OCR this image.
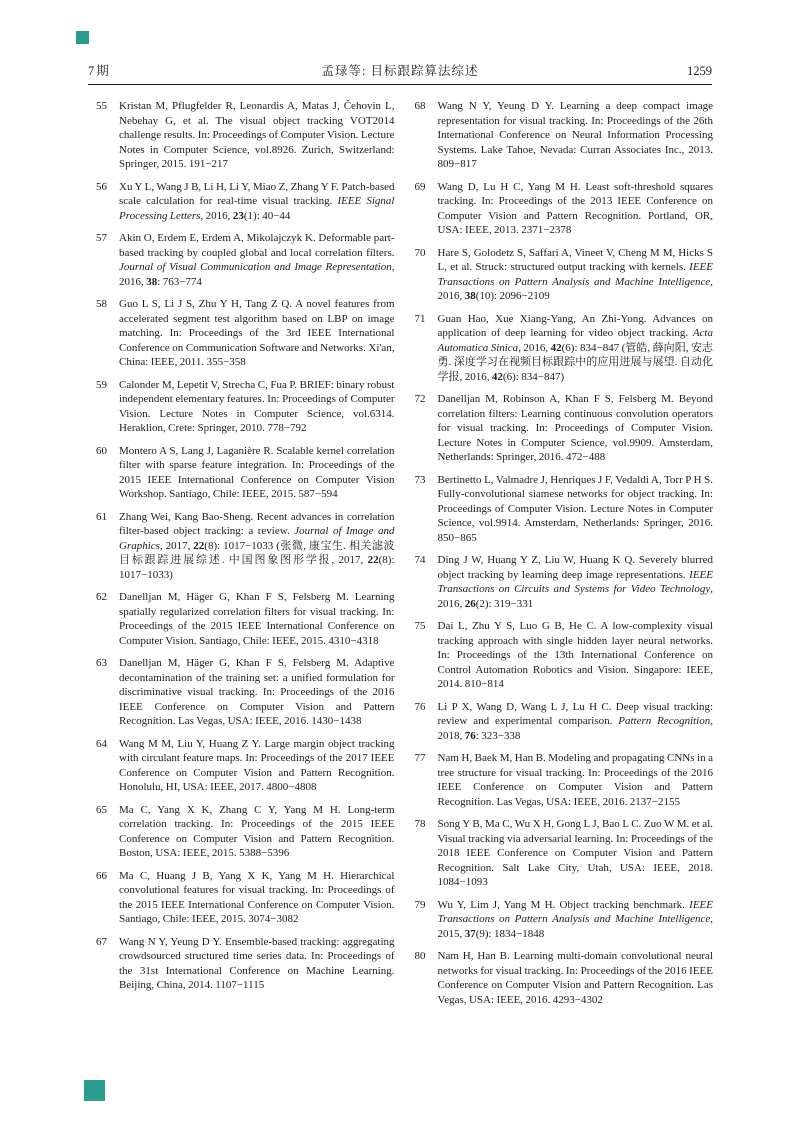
7期	孟琭等: 目标跟踪算法综述	1259
55	Kristan M, Pflugfelder R, Leonardis A, Matas J, Čehovin L, Nebehay G, et al. The visual object tracking VOT2014 challenge results. In: Proceedings of Computer Vision. Lecture Notes in Computer Science, vol.8926. Zurich, Switzerland: Springer, 2015. 191−217
56	Xu Y L, Wang J B, Li H, Li Y, Miao Z, Zhang Y F. Patch-based scale calculation for real-time visual tracking. IEEE Signal Processing Letters, 2016, 23(1): 40−44
57	Akin O, Erdem E, Erdem A, Mikolajczyk K. Deformable part-based tracking by coupled global and local correlation filters. Journal of Visual Communication and Image Representation, 2016, 38: 763−774
58	Guo L S, Li J S, Zhu Y H, Tang Z Q. A novel features from accelerated segment test algorithm based on LBP on image matching. In: Proceedings of the 3rd IEEE International Conference on Communication Software and Networks. Xi'an, China: IEEE, 2011. 355−358
59	Calonder M, Lepetit V, Strecha C, Fua P. BRIEF: binary robust independent elementary features. In: Proceedings of Computer Vision. Lecture Notes in Computer Science, vol.6314. Heraklion, Crete: Springer, 2010. 778−792
60	Montero A S, Lang J, Laganière R. Scalable kernel correlation filter with sparse feature integration. In: Proceedings of the 2015 IEEE International Conference on Computer Vision Workshop. Santiago, Chile: IEEE, 2015. 587−594
61	Zhang Wei, Kang Bao-Sheng. Recent advances in correlation filter-based object tracking: a review. Journal of Image and Graphics, 2017, 22(8): 1017−1033 (张微, 康宝生. 相关滤波目标跟踪进展综述. 中国图象图形学报, 2017, 22(8): 1017−1033)
62	Danelljan M, Häger G, Khan F S, Felsberg M. Learning spatially regularized correlation filters for visual tracking. In: Proceedings of the 2015 IEEE International Conference on Computer Vision. Santiago, Chile: IEEE, 2015. 4310−4318
63	Danelljan M, Häger G, Khan F S, Felsberg M. Adaptive decontamination of the training set: a unified formulation for discriminative visual tracking. In: Proceedings of the 2016 IEEE Conference on Computer Vision and Pattern Recognition. Las Vegas, USA: IEEE, 2016. 1430−1438
64	Wang M M, Liu Y, Huang Z Y. Large margin object tracking with circulant feature maps. In: Proceedings of the 2017 IEEE Conference on Computer Vision and Pattern Recognition. Honolulu, HI, USA: IEEE, 2017. 4800−4808
65	Ma C, Yang X K, Zhang C Y, Yang M H. Long-term correlation tracking. In: Proceedings of the 2015 IEEE Conference on Computer Vision and Pattern Recognition. Boston, USA: IEEE, 2015. 5388−5396
66	Ma C, Huang J B, Yang X K, Yang M H. Hierarchical convolutional features for visual tracking. In: Proceedings of the 2015 IEEE International Conference on Computer Vision. Santiago, Chile: IEEE, 2015. 3074−3082
67	Wang N Y, Yeung D Y. Ensemble-based tracking: aggregating crowdsourced structured time series data. In: Proceedings of the 31st International Conference on Machine Learning. Beijing, China, 2014. 1107−1115
68	Wang N Y, Yeung D Y. Learning a deep compact image representation for visual tracking. In: Proceedings of the 26th International Conference on Neural Information Processing Systems. Lake Tahoe, Nevada: Curran Associates Inc., 2013. 809−817
69	Wang D, Lu H C, Yang M H. Least soft-threshold squares tracking. In: Proceedings of the 2013 IEEE Conference on Computer Vision and Pattern Recognition. Portland, OR, USA: IEEE, 2013. 2371−2378
70	Hare S, Golodetz S, Saffari A, Vineet V, Cheng M M, Hicks S L, et al. Struck: structured output tracking with kernels. IEEE Transactions on Pattern Analysis and Machine Intelligence, 2016, 38(10): 2096−2109
71	Guan Hao, Xue Xiang-Yang, An Zhi-Yong. Advances on application of deep learning for video object tracking. Acta Automatica Sinica, 2016, 42(6): 834−847 (管皓, 薛向阳, 安志勇. 深度学习在视频目标跟踪中的应用进展与展望. 自动化学报, 2016, 42(6): 834−847)
72	Danelljan M, Robinson A, Khan F S, Felsberg M. Beyond correlation filters: Learning continuous convolution operators for visual tracking. In: Proceedings of Computer Vision. Lecture Notes in Computer Science, vol.9909. Amsterdam, Netherlands: Springer, 2016. 472−488
73	Bertinetto L, Valmadre J, Henriques J F, Vedaldi A, Torr P H S. Fully-convolutional siamese networks for object tracking. In: Proceedings of Computer Vision. Lecture Notes in Computer Science, vol.9914. Amsterdam, Netherlands: Springer, 2016. 850−865
74	Ding J W, Huang Y Z, Liu W, Huang K Q. Severely blurred object tracking by learning deep image representations. IEEE Transactions on Circuits and Systems for Video Technology, 2016, 26(2): 319−331
75	Dai L, Zhu Y S, Luo G B, He C. A low-complexity visual tracking approach with single hidden layer neural networks. In: Proceedings of the 13th International Conference on Control Automation Robotics and Vision. Singapore: IEEE, 2014. 810−814
76	Li P X, Wang D, Wang L J, Lu H C. Deep visual tracking: review and experimental comparison. Pattern Recognition, 2018, 76: 323−338
77	Nam H, Baek M, Han B. Modeling and propagating CNNs in a tree structure for visual tracking. In: Proceedings of the 2016 IEEE Conference on Computer Vision and Pattern Recognition. Las Vegas, USA: IEEE, 2016. 2137−2155
78	Song Y B, Ma C, Wu X H, Gong L J, Bao L C. Zuo W M. et al. Visual tracking via adversarial learning. In: Proceedings of the 2018 IEEE Conference on Computer Vision and Pattern Recognition. Salt Lake City, Utah, USA: IEEE, 2018. 1084−1093
79	Wu Y, Lim J, Yang M H. Object tracking benchmark. IEEE Transactions on Pattern Analysis and Machine Intelligence, 2015, 37(9): 1834−1848
80	Nam H, Han B. Learning multi-domain convolutional neural networks for visual tracking. In: Proceedings of the 2016 IEEE Conference on Computer Vision and Pattern Recognition. Las Vegas, USA: IEEE, 2016. 4293−4302
